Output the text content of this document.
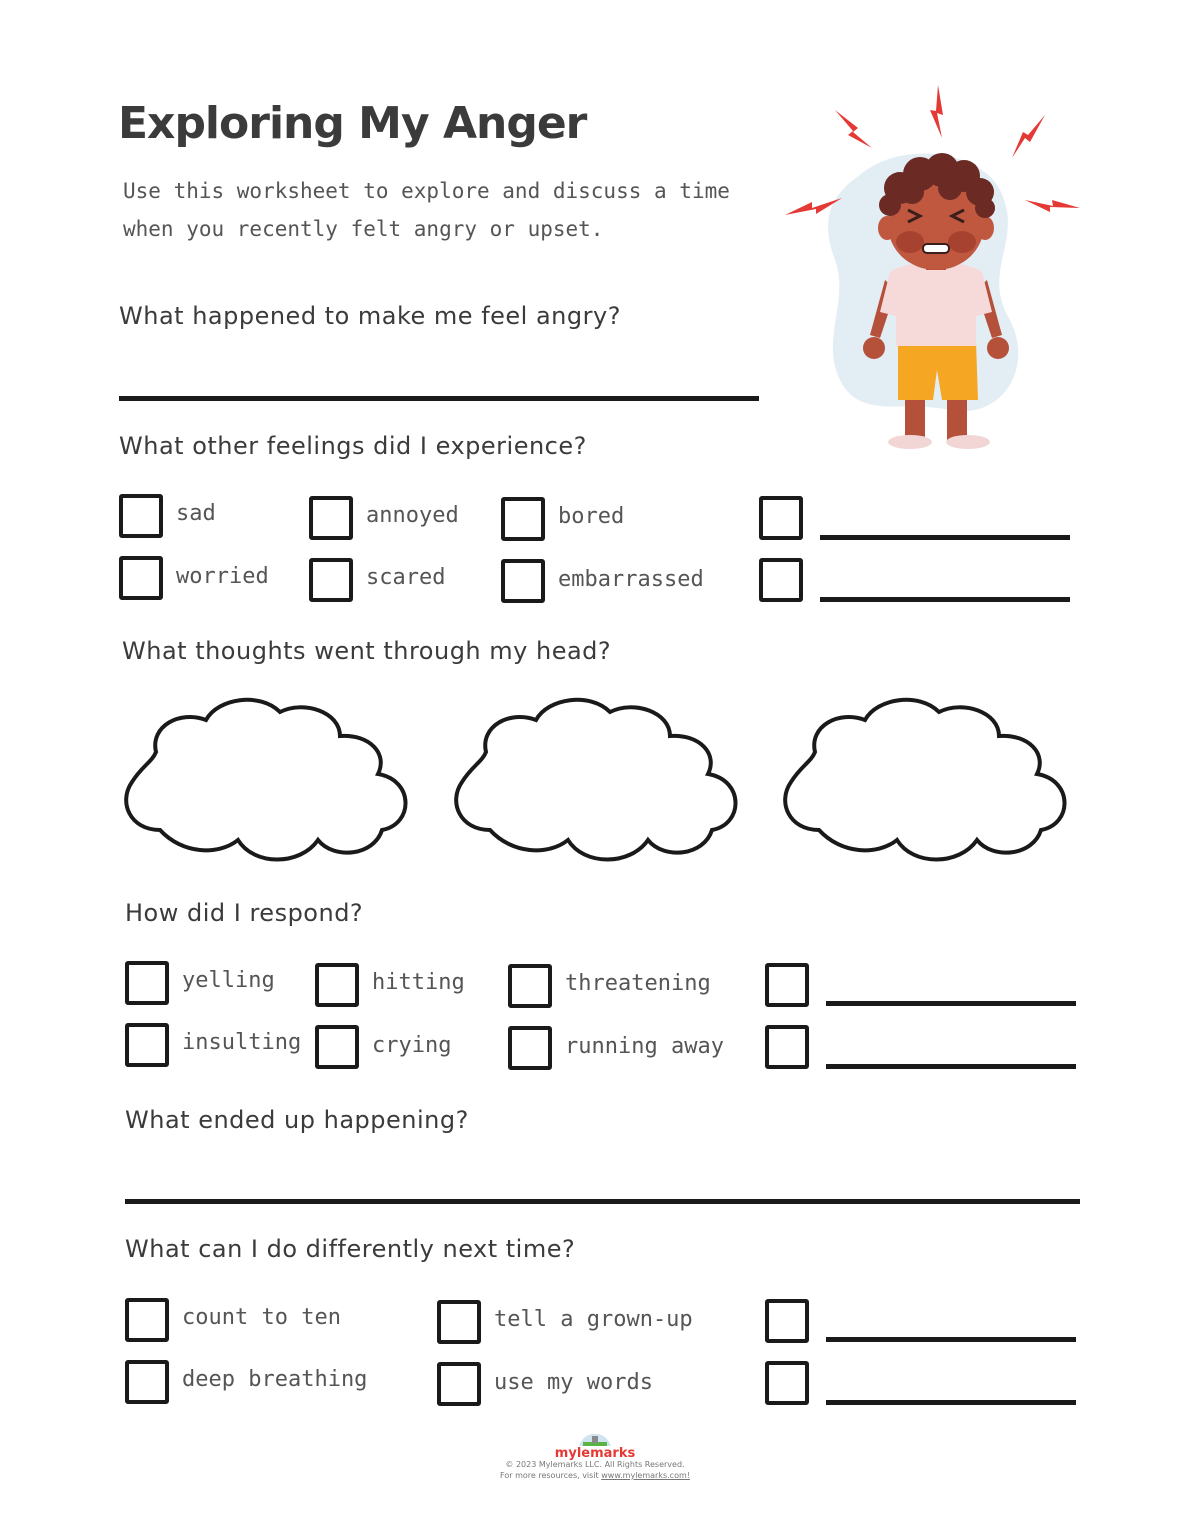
Exploring My Anger
Use this worksheet to explore and discuss a time when you recently felt angry or upset.
What happened to make me feel angry?
What other feelings did I experience?
sad	annoyed	bored
worried	scared	embarrassed
What thoughts went through my head?
How did I respond?
yelling	hitting	threatening
insulting	crying	running away
What ended up happening?
What can I do differently next time?
count to ten	tell a grown-up
deep breathing	use my words
mylemarks
© 2023 Mylemarks LLC. All Rights Reserved.
For more resources, visit www.mylemarks.com!
